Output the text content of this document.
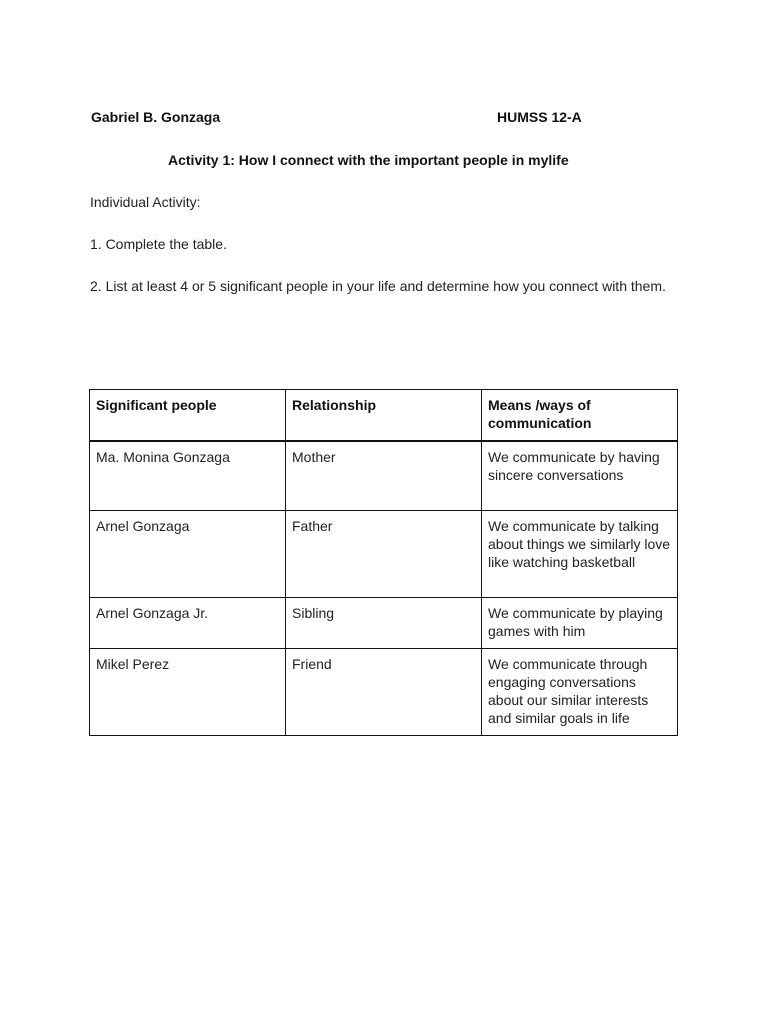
Gabriel B. Gonzaga	HUMSS 12-A
Activity 1: How I connect with the important people in mylife
Individual Activity:
1. Complete the table.
2. List at least 4 or 5 significant people in your life and determine how you connect with them.
Significant people	Relationship	Means /ways of communication
Ma. Monina Gonzaga	Mother	We communicate by having sincere conversations
Arnel Gonzaga	Father	We communicate by talking about things we similarly love like watching basketball
Arnel Gonzaga Jr.	Sibling	We communicate by playing games with him
Mikel Perez	Friend	We communicate through engaging conversations about our similar interests and similar goals in life
